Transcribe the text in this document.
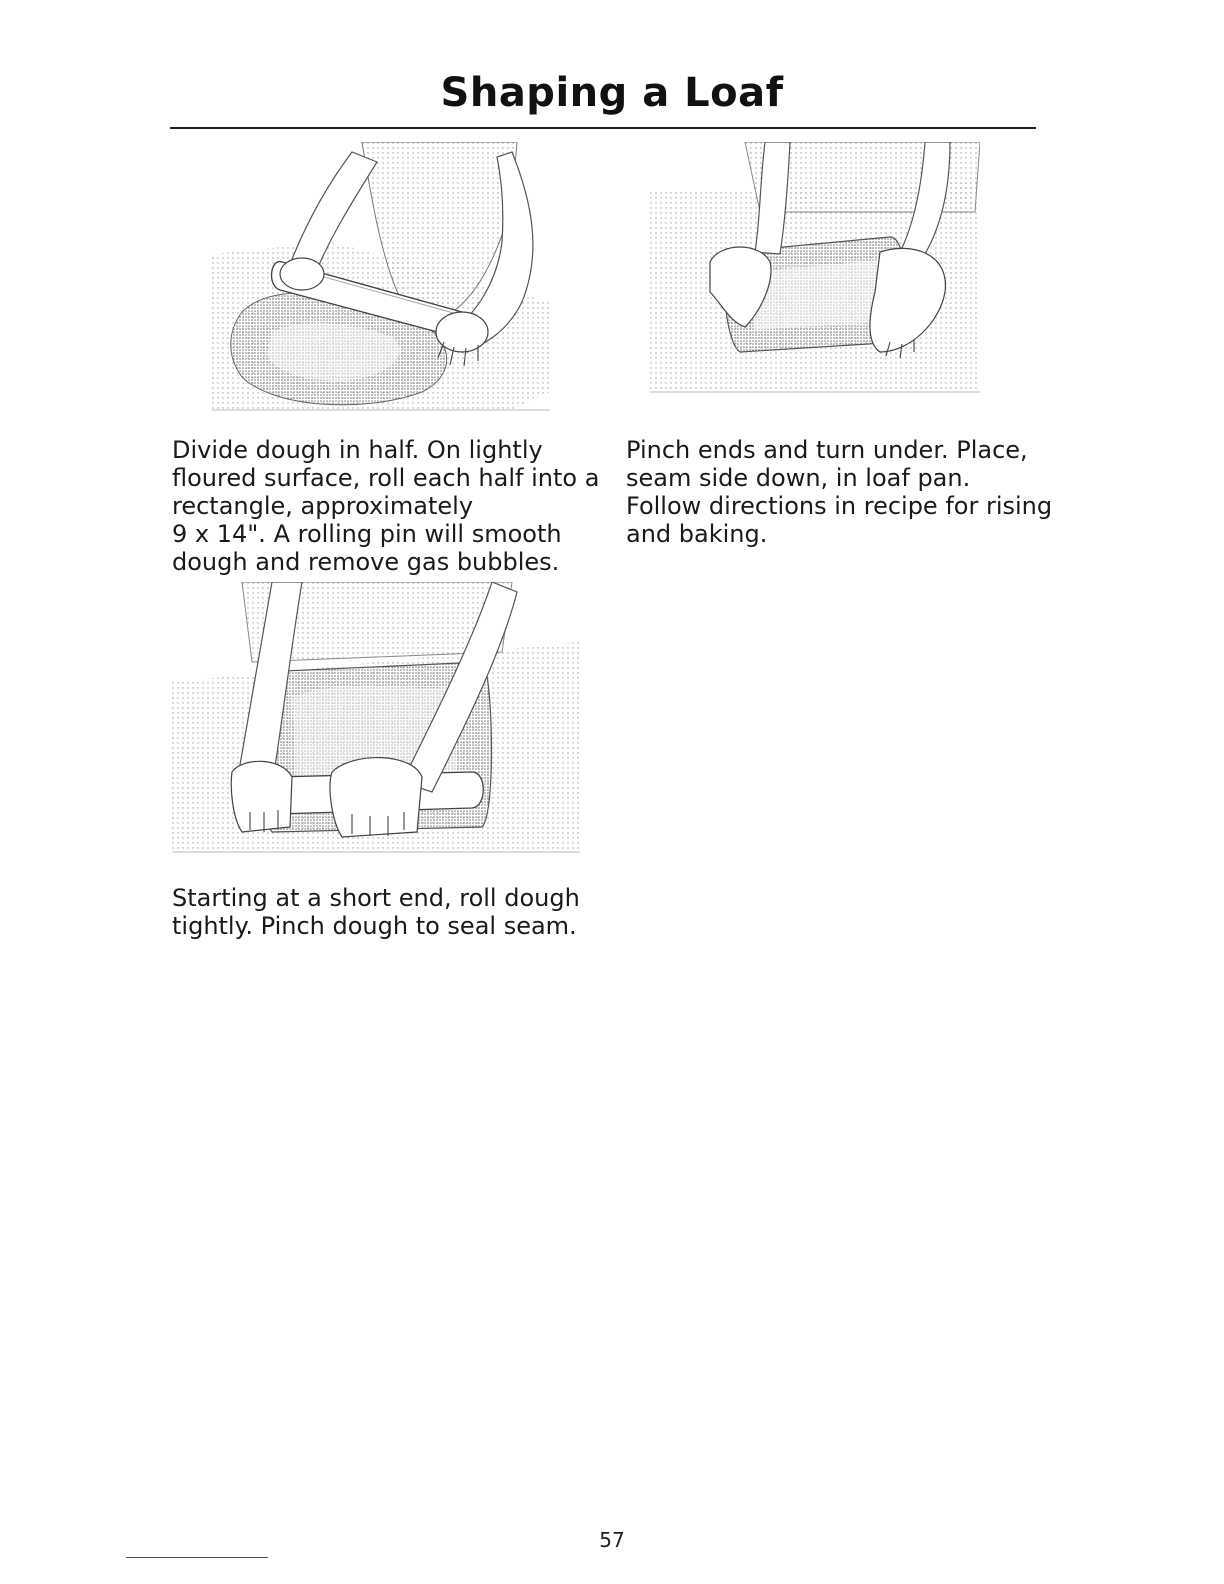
Shaping a Loaf
Divide dough in half. On lightly
floured surface, roll each half into a
rectangle, approximately
9 x 14". A rolling pin will smooth
dough and remove gas bubbles.
Pinch ends and turn under. Place,
seam side down, in loaf pan.
Follow directions in recipe for rising
and baking.
Starting at a short end, roll dough
tightly. Pinch dough to seal seam.
57
